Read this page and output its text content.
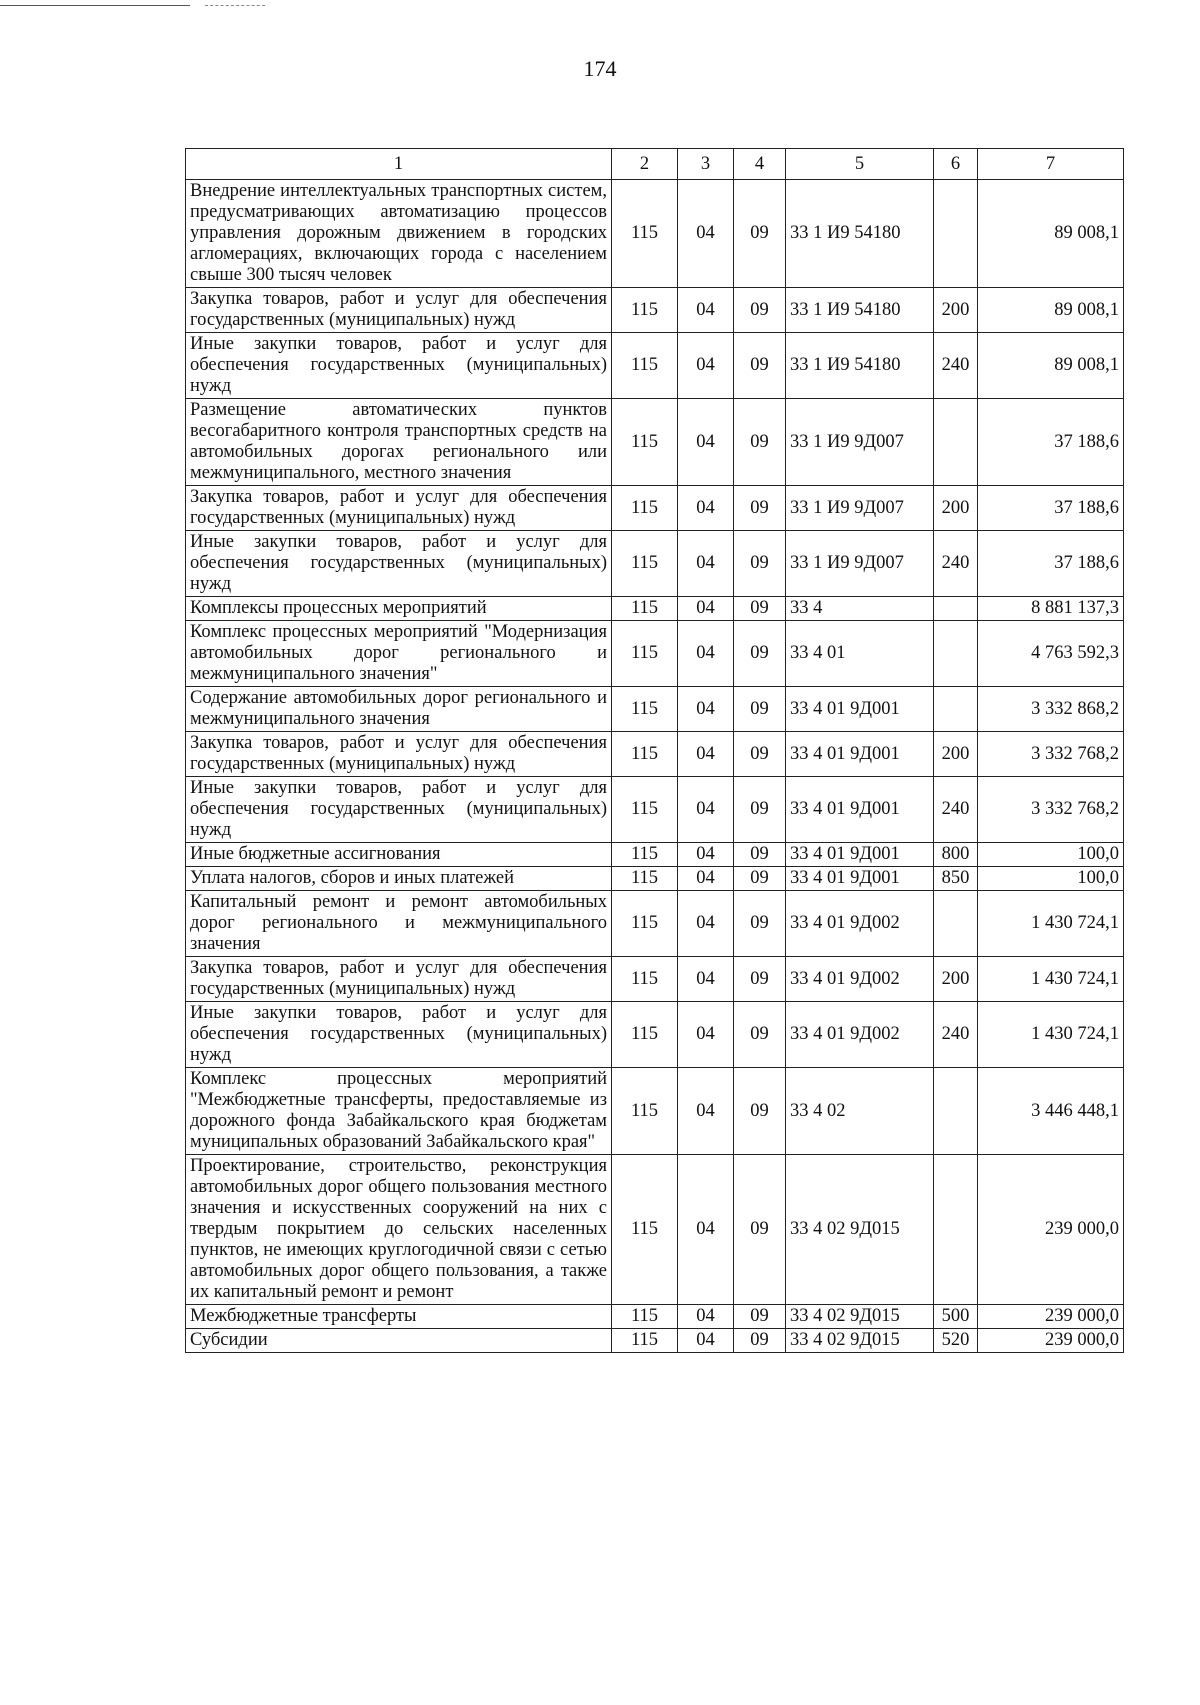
174
1	2	3	4	5	6	7
Внедрение интеллектуальных транспортных систем, предусматривающих автоматизацию процессов управления дорожным движением в городских агломерациях, включающих города с населением свыше 300 тысяч человек	115	04	09	33 1 И9 54180		89 008,1
Закупка товаров, работ и услуг для обеспечения государственных (муниципальных) нужд	115	04	09	33 1 И9 54180	200	89 008,1
Иные закупки товаров, работ и услуг для обеспечения государственных (муниципальных) нужд	115	04	09	33 1 И9 54180	240	89 008,1
Размещение автоматических пунктов весогабаритного контроля транспортных средств на автомобильных дорогах регионального или межмуниципального, местного значения	115	04	09	33 1 И9 9Д007		37 188,6
Закупка товаров, работ и услуг для обеспечения государственных (муниципальных) нужд	115	04	09	33 1 И9 9Д007	200	37 188,6
Иные закупки товаров, работ и услуг для обеспечения государственных (муниципальных) нужд	115	04	09	33 1 И9 9Д007	240	37 188,6
Комплексы процессных мероприятий	115	04	09	33 4		8 881 137,3
Комплекс процессных мероприятий "Модернизация автомобильных дорог регионального и межмуниципального значения"	115	04	09	33 4 01		4 763 592,3
Содержание автомобильных дорог регионального и межмуниципального значения	115	04	09	33 4 01 9Д001		3 332 868,2
Закупка товаров, работ и услуг для обеспечения государственных (муниципальных) нужд	115	04	09	33 4 01 9Д001	200	3 332 768,2
Иные закупки товаров, работ и услуг для обеспечения государственных (муниципальных) нужд	115	04	09	33 4 01 9Д001	240	3 332 768,2
Иные бюджетные ассигнования	115	04	09	33 4 01 9Д001	800	100,0
Уплата налогов, сборов и иных платежей	115	04	09	33 4 01 9Д001	850	100,0
Капитальный ремонт и ремонт автомобильных дорог регионального и межмуниципального значения	115	04	09	33 4 01 9Д002		1 430 724,1
Закупка товаров, работ и услуг для обеспечения государственных (муниципальных) нужд	115	04	09	33 4 01 9Д002	200	1 430 724,1
Иные закупки товаров, работ и услуг для обеспечения государственных (муниципальных) нужд	115	04	09	33 4 01 9Д002	240	1 430 724,1
Комплекс процессных мероприятий "Межбюджетные трансферты, предоставляемые из дорожного фонда Забайкальского края бюджетам муниципальных образований Забайкальского края"	115	04	09	33 4 02		3 446 448,1
Проектирование, строительство, реконструкция автомобильных дорог общего пользования местного значения и искусственных сооружений на них с твердым покрытием до сельских населенных пунктов, не имеющих круглогодичной связи с сетью автомобильных дорог общего пользования, а также их капитальный ремонт и ремонт	115	04	09	33 4 02 9Д015		239 000,0
Межбюджетные трансферты	115	04	09	33 4 02 9Д015	500	239 000,0
Субсидии	115	04	09	33 4 02 9Д015	520	239 000,0
